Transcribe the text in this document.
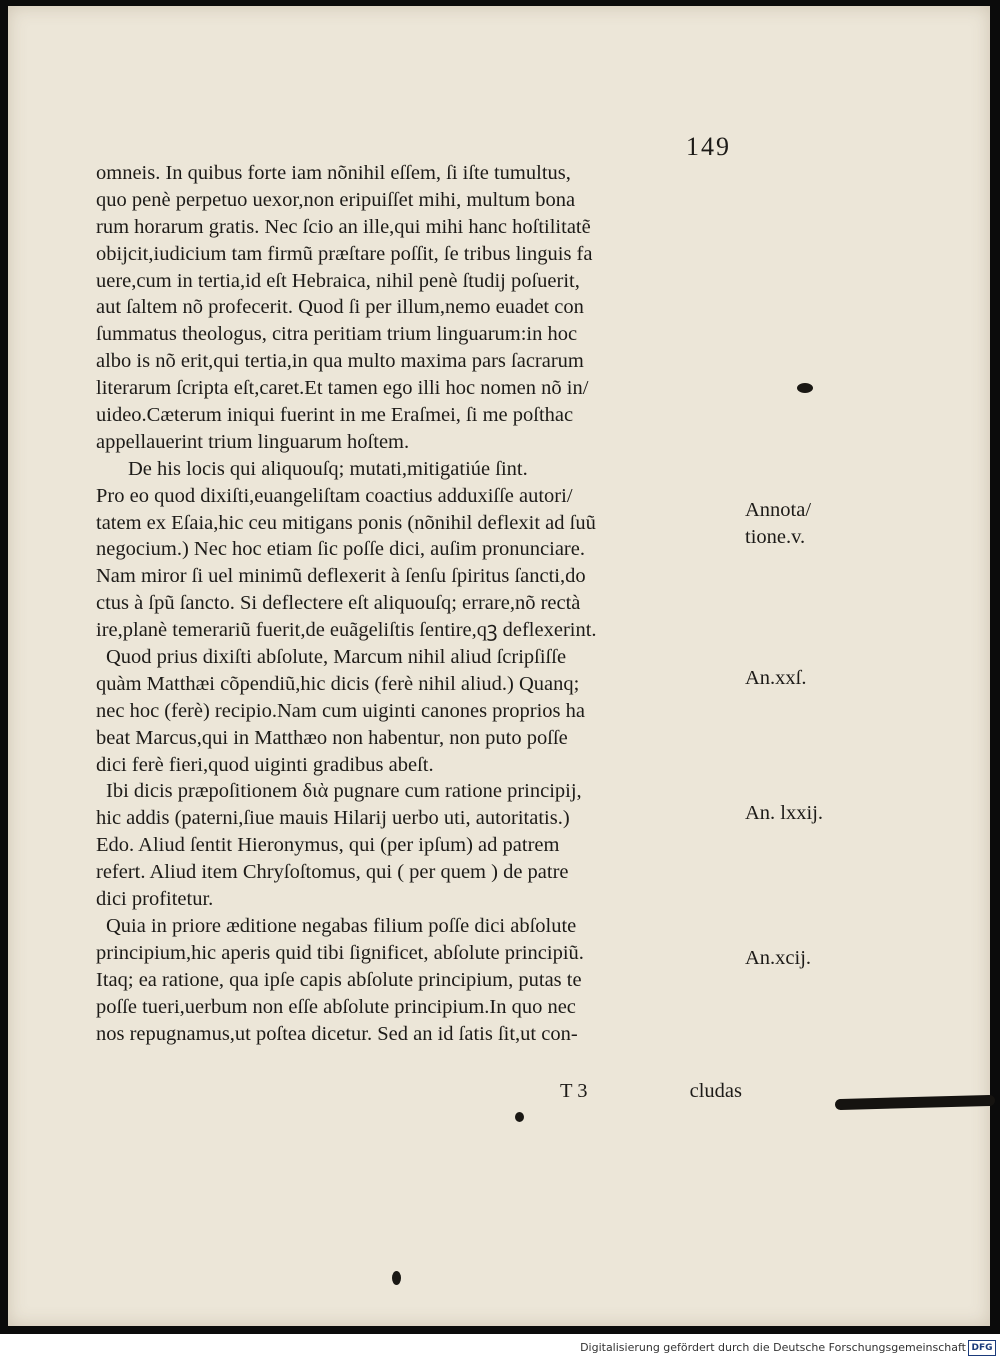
149
omneis. In quibus forte iam nõnihil eſſem, ſi iſte tumultus,
quo penè perpetuo uexor,non eripuiſſet mihi, multum bona
rum horarum gratis. Nec ſcio an ille,qui mihi hanc hoſtilitatẽ
obijcit,iudicium tam firmũ præſtare poſſit, ſe tribus linguis fa
uere,cum in tertia,id eſt Hebraica, nihil penè ſtudij poſuerit,
aut ſaltem nõ profecerit. Quod ſi per illum,nemo euadet con
ſummatus theologus, citra peritiam trium linguarum:in hoc
albo is nõ erit,qui tertia,in qua multo maxima pars ſacrarum
literarum ſcripta eſt,caret.Et tamen ego illi hoc nomen nõ in/
uideo.Cæterum iniqui fuerint in me Eraſmei, ſi me poſthac
appellauerint trium linguarum hoſtem.
De his locis qui aliquouſq; mutati,mitigatiúe ſint.
Pro eo quod dixiſti,euangeliſtam coactius adduxiſſe autori/
tatem ex Eſaia,hic ceu mitigans ponis (nõnihil deflexit ad ſuũ
negocium.) Nec hoc etiam ſic poſſe dici, auſim pronunciare.
Nam miror ſi uel minimũ deflexerit à ſenſu ſpiritus ſancti,do
ctus à ſpũ ſancto. Si deflectere eſt aliquouſq; errare,nõ rectà
ire,planè temerariũ fuerit,de euãgeliſtis ſentire,qꝫ deflexerint.
Quod prius dixiſti abſolute, Marcum nihil aliud ſcripſiſſe
quàm Matthæi cõpendiũ,hic dicis (ferè nihil aliud.) Quanq;
nec hoc (ferè) recipio.Nam cum uiginti canones proprios ha
beat Marcus,qui in Matthæo non habentur, non puto poſſe
dici ferè fieri,quod uiginti gradibus abeſt.
Ibi dicis præpoſitionem διὰ pugnare cum ratione principij,
hic addis (paterni,ſiue mauis Hilarij uerbo uti, autoritatis.)
Edo. Aliud ſentit Hieronymus, qui (per ipſum) ad patrem
refert. Aliud item Chryſoſtomus, qui ( per quem ) de patre
dici profitetur.
Quia in priore æditione negabas filium poſſe dici abſolute
principium,hic aperis quid tibi ſignificet, abſolute principiũ.
Itaq; ea ratione, qua ipſe capis abſolute principium, putas te
poſſe tueri,uerbum non eſſe abſolute principium.In quo nec
nos repugnamus,ut poſtea dicetur. Sed an id ſatis ſit,ut con-
Annota/
tione.v.
An.xxſ.
An. lxxij.
An.xcij.
T 3	cludas
Digitalisierung gefördert durch die Deutsche Forschungsgemeinschaft DFG
